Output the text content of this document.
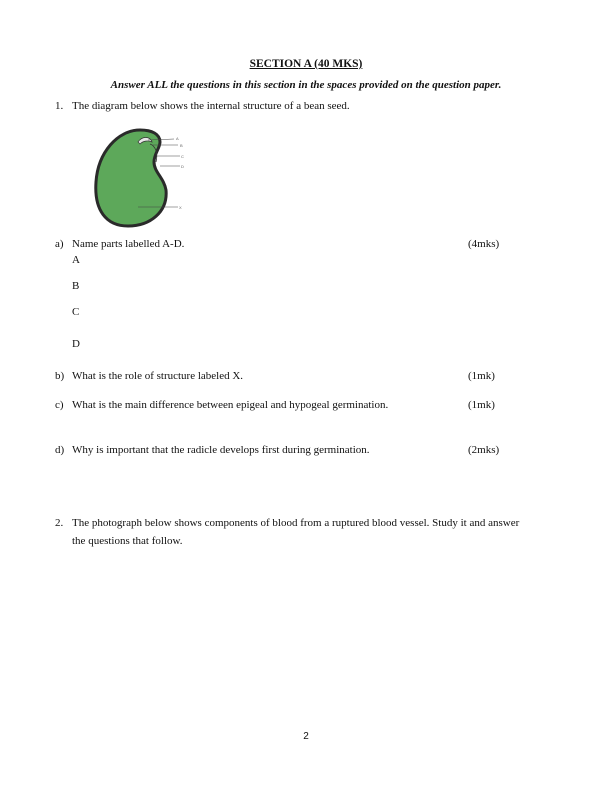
SECTION A (40 MKS)
Answer ALL the questions in this section in the spaces provided on the question paper.
1. The diagram below shows the internal structure of a bean seed.
A
B
C
D
X
a) Name parts labelled A-D.	(4mks)
A
B
C
D
b) What is the role of structure labeled X.	(1mk)
c) What is the main difference between epigeal and hypogeal germination.	(1mk)
d) Why is important that the radicle develops first during germination.	(2mks)
2. The photograph below shows components of blood from a ruptured blood vessel. Study it and answer
the questions that follow.
2
